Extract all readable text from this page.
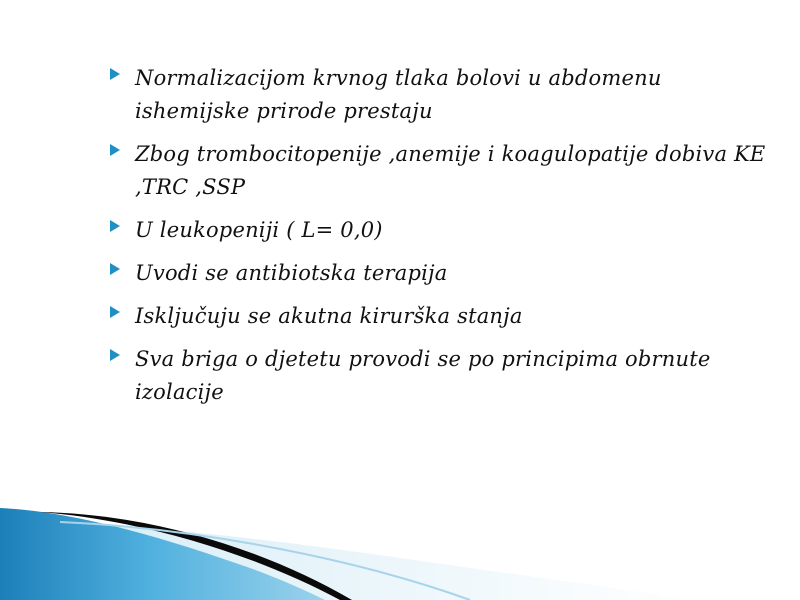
Normalizacijom krvnog tlaka bolovi u abdomenu ishemijske prirode prestaju
Zbog trombocitopenije ,anemije i koagulopatije dobiva KE ,TRC ,SSP
U leukopeniji ( L= 0,0)
Uvodi se antibiotska terapija
Isključuju se akutna kirurška stanja
Sva briga o djetetu provodi se po principima obrnute izolacije
